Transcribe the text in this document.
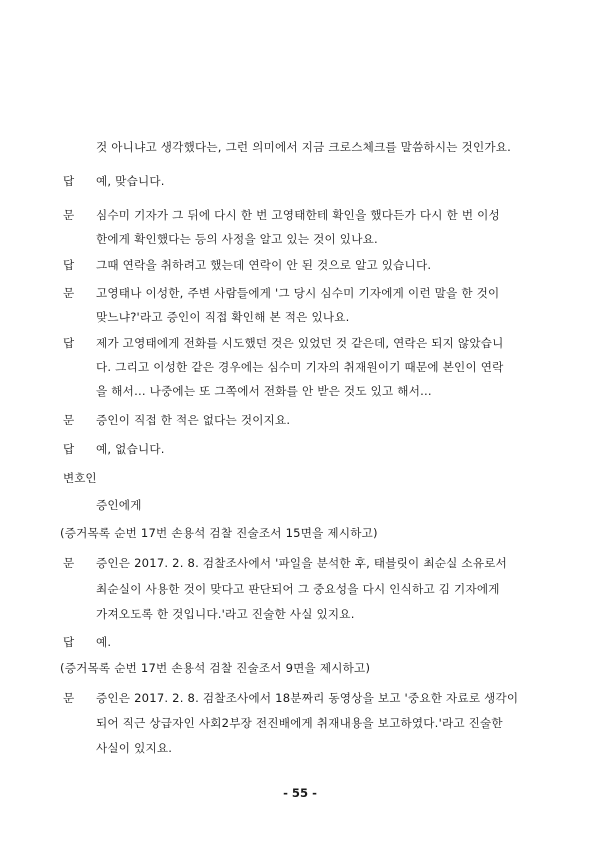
것 아니냐고 생각했다는, 그런 의미에서 지금 크로스체크를 말씀하시는 것인가요.
답 예, 맞습니다.
문 심수미 기자가 그 뒤에 다시 한 번 고영태한테 확인을 했다든가 다시 한 번 이성
한에게 확인했다는 등의 사정을 알고 있는 것이 있나요.
답 그때 연락을 취하려고 했는데 연락이 안 된 것으로 알고 있습니다.
문 고영태나 이성한, 주변 사람들에게 '그 당시 심수미 기자에게 이런 말을 한 것이
맞느냐?'라고 증인이 직접 확인해 본 적은 있나요.
답 제가 고영태에게 전화를 시도했던 것은 있었던 것 같은데, 연락은 되지 않았습니
다. 그리고 이성한 같은 경우에는 심수미 기자의 취재원이기 때문에 본인이 연락
을 해서... 나중에는 또 그쪽에서 전화를 안 받은 것도 있고 해서...
문 증인이 직접 한 적은 없다는 것이지요.
답 예, 없습니다.
변호인
증인에게
(증거목록 순번 17번 손용석 검찰 진술조서 15면을 제시하고)
문 증인은 2017. 2. 8. 검찰조사에서 '파일을 분석한 후, 태블릿이 최순실 소유로서
최순실이 사용한 것이 맞다고 판단되어 그 중요성을 다시 인식하고 김 기자에게
가져오도록 한 것입니다.'라고 진술한 사실 있지요.
답 예.
(증거목록 순번 17번 손용석 검찰 진술조서 9면을 제시하고)
문 증인은 2017. 2. 8. 검찰조사에서 18분짜리 동영상을 보고 '중요한 자료로 생각이
되어 직근 상급자인 사회2부장 전진배에게 취재내용을 보고하였다.'라고 진술한
사실이 있지요.
- 55 -
